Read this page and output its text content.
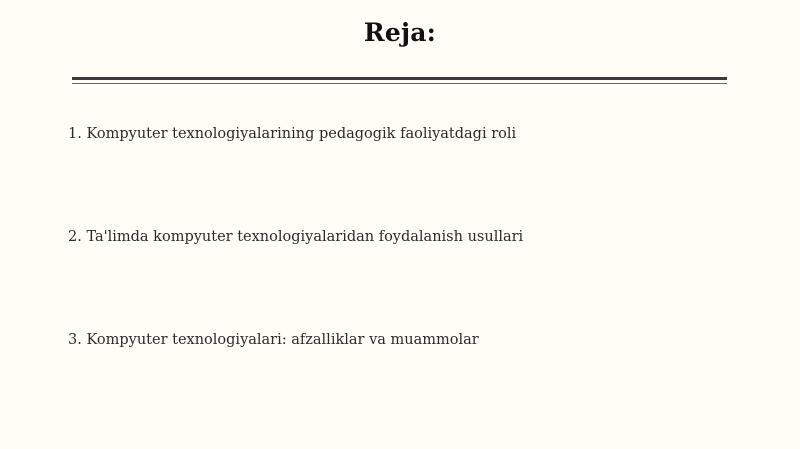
Reja:
1. Kompyuter texnologiyalarining pedagogik faoliyatdagi roli
2. Ta'limda kompyuter texnologiyalaridan foydalanish usullari
3. Kompyuter texnologiyalari: afzalliklar va muammolar
